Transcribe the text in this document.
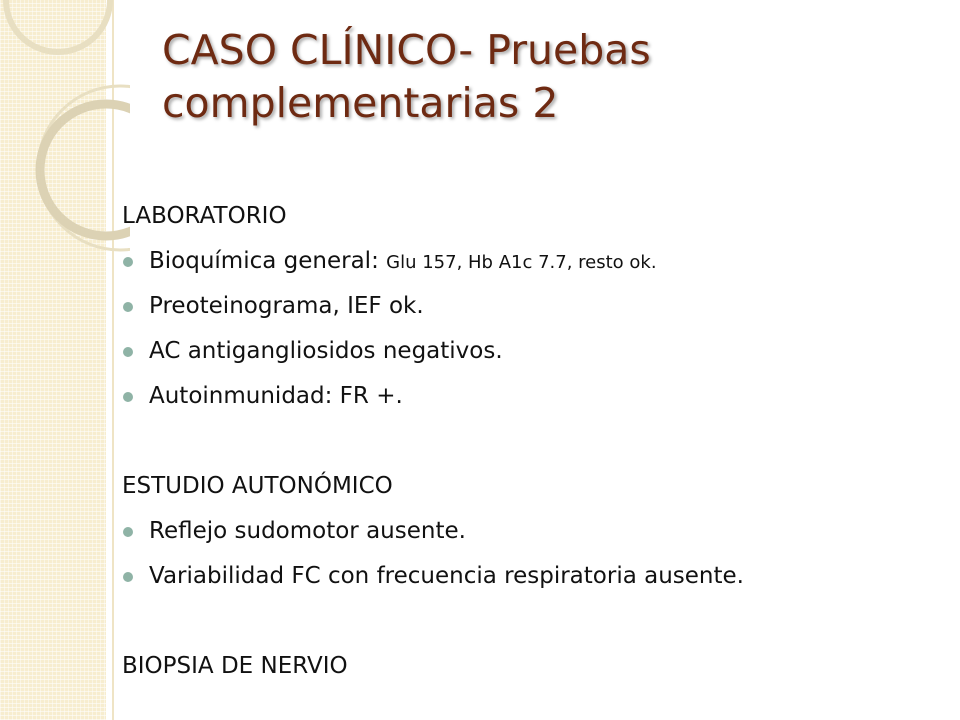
CASO CLÍNICO- Pruebas complementarias 2
LABORATORIO
Bioquímica general: Glu 157, Hb A1c 7.7, resto ok.
Preoteinograma, IEF ok.
AC antigangliosidos negativos.
Autoinmunidad: FR +.
ESTUDIO AUTONÓMICO
Reflejo sudomotor ausente.
Variabilidad FC con frecuencia respiratoria ausente.
BIOPSIA DE NERVIO
